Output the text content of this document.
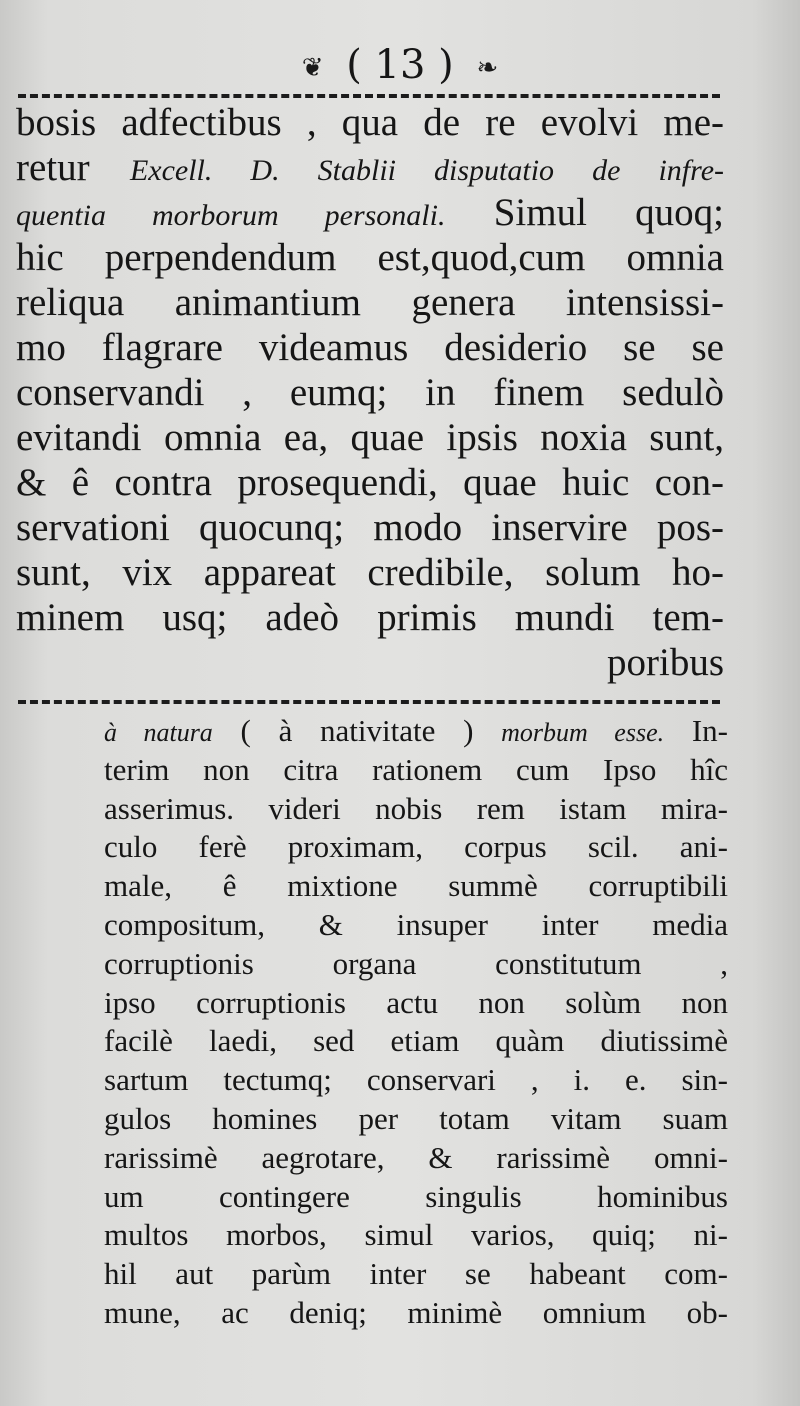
❦ ( 13 ) ❧
bosis adfectibus , qua de re evolvi me-
retur Excell. D. Stablii disputatio de infre-
quentia morborum personali. Simul quoq;
hic perpendendum est,quod,cum omnia
reliqua animantium genera intensissi-
mo flagrare videamus desiderio se se
conservandi , eumq; in finem sedulò
evitandi omnia ea, quae ipsis noxia sunt,
& ê contra prosequendi, quae huic con-
servationi quocunq; modo inservire pos-
sunt, vix appareat credibile, solum ho-
minem usq; adeò primis mundi tem-
poribus
à natura ( à nativitate ) morbum esse. In-
terim non citra rationem cum Ipso hîc
asserimus. videri nobis rem istam mira-
culo ferè proximam, corpus scil. ani-
male, ê mixtione summè corruptibili
compositum, & insuper inter media
corruptionis organa constitutum ,
ipso corruptionis actu non solùm non
facilè laedi, sed etiam quàm diutissimè
sartum tectumq; conservari , i. e. sin-
gulos homines per totam vitam suam
rarissimè aegrotare, & rarissimè omni-
um contingere singulis hominibus
multos morbos, simul varios, quiq; ni-
hil aut parùm inter se habeant com-
mune, ac deniq; minimè omnium ob-
